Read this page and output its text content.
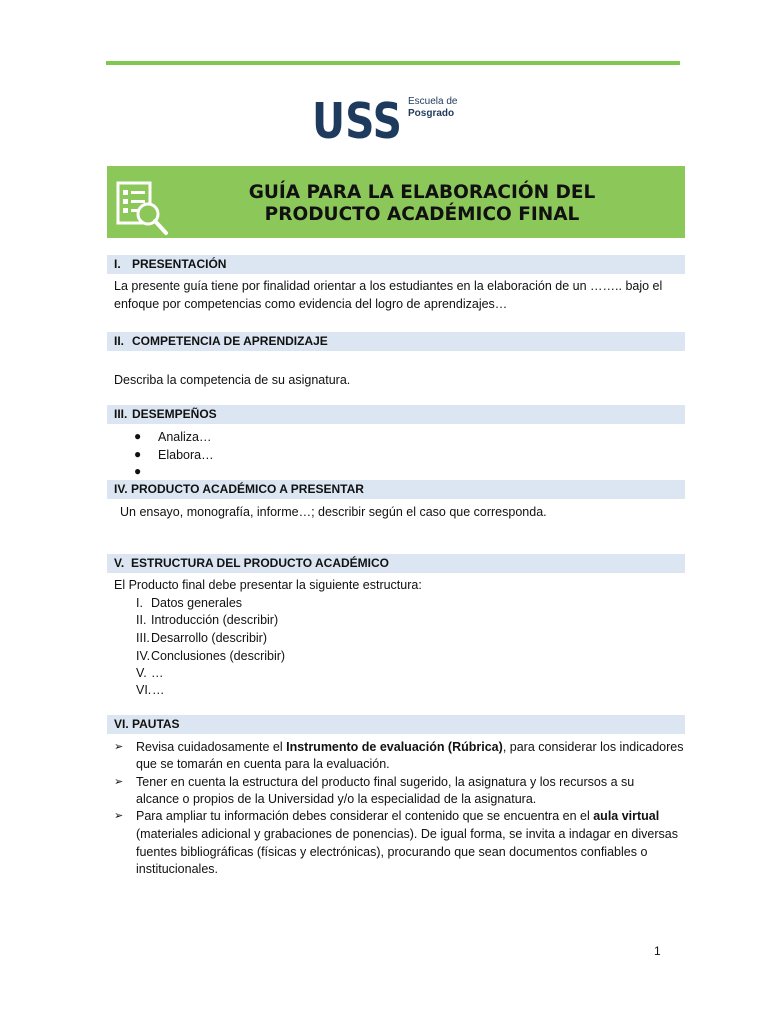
USS Escuela de
Posgrado
GUÍA PARA LA ELABORACIÓN DEL
PRODUCTO ACADÉMICO FINAL
I. PRESENTACIÓN
La presente guía tiene por finalidad orientar a los estudiantes en la elaboración de un …….. bajo el
enfoque por competencias como evidencia del logro de aprendizajes…
II. COMPETENCIA DE APRENDIZAJE
Describa la competencia de su asignatura.
III. DESEMPEÑOS
● Analiza…
● Elabora…
●
IV. PRODUCTO ACADÉMICO A PRESENTAR
Un ensayo, monografía, informe…; describir según el caso que corresponda.
V. ESTRUCTURA DEL PRODUCTO ACADÉMICO
El Producto final debe presentar la siguiente estructura:
I. Datos generales
II. Introducción (describir)
III. Desarrollo (describir)
IV. Conclusiones (describir)
V. …
VI. …
VI. PAUTAS
➢ Revisa cuidadosamente el Instrumento de evaluación (Rúbrica), para considerar los indicadores
que se tomarán en cuenta para la evaluación.
➢ Tener en cuenta la estructura del producto final sugerido, la asignatura y los recursos a su
alcance o propios de la Universidad y/o la especialidad de la asignatura.
➢ Para ampliar tu información debes considerar el contenido que se encuentra en el aula virtual
(materiales adicional y grabaciones de ponencias). De igual forma, se invita a indagar en diversas
fuentes bibliográficas (físicas y electrónicas), procurando que sean documentos confiables o
institucionales.
1
